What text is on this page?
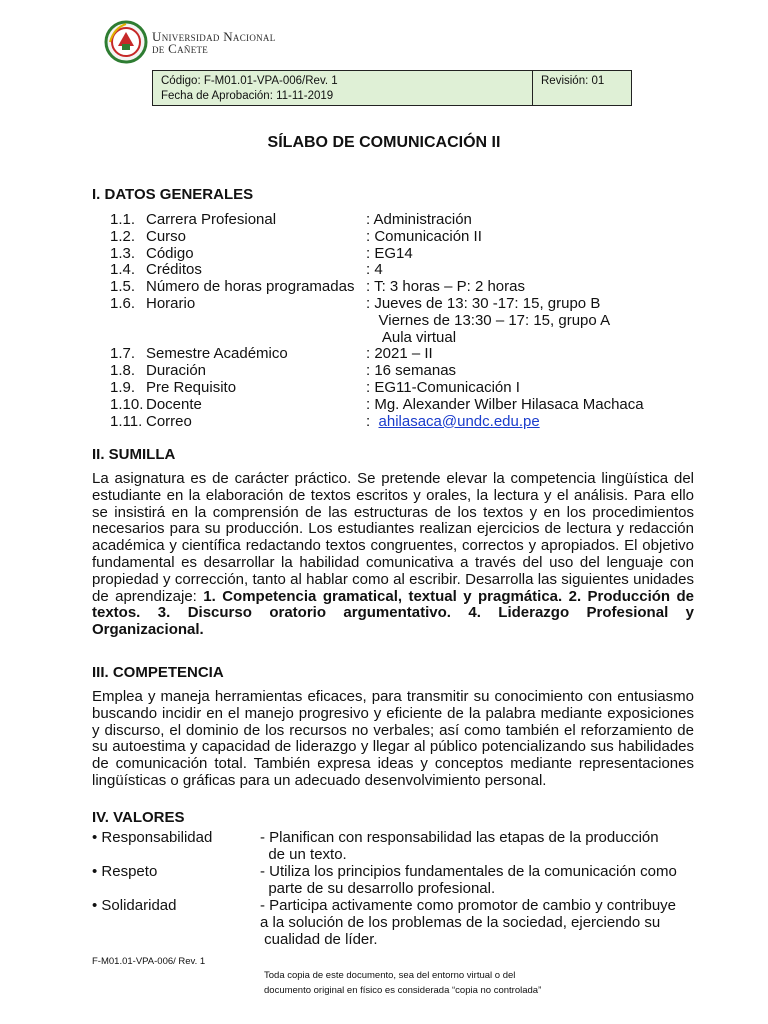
Universidad Nacional
de Cañete
Código: F-M01.01-VPA-006/Rev. 1
Fecha de Aprobación: 11-11-2019
Revisión: 01
SÍLABO DE COMUNICACIÓN II
I. DATOS GENERALES
1.1. Carrera Profesional	: Administración
1.2. Curso	: Comunicación II
1.3. Código	: EG14
1.4. Créditos	: 4
1.5. Número de horas programadas : T: 3 horas – P: 2 horas
1.6. Horario	: Jueves de 13: 30 -17: 15, grupo B
Viernes de 13:30 – 17: 15, grupo A
Aula virtual
1.7. Semestre Académico	: 2021 – II
1.8. Duración	: 16 semanas
1.9. Pre Requisito	: EG11-Comunicación I
1.10. Docente	: Mg. Alexander Wilber Hilasaca Machaca
1.11. Correo	: ahilasaca@undc.edu.pe
II. SUMILLA
La asignatura es de carácter práctico. Se pretende elevar la competencia lingüística del estudiante en la elaboración de textos escritos y orales, la lectura y el análisis. Para ello se insistirá en la comprensión de las estructuras de los textos y en los procedimientos necesarios para su producción. Los estudiantes realizan ejercicios de lectura y redacción académica y científica redactando textos congruentes, correctos y apropiados. El objetivo fundamental es desarrollar la habilidad comunicativa a través del uso del lenguaje con propiedad y corrección, tanto al hablar como al escribir. Desarrolla las siguientes unidades de aprendizaje: 1. Competencia gramatical, textual y pragmática. 2. Producción de textos. 3. Discurso oratorio argumentativo. 4. Liderazgo Profesional y Organizacional.
III. COMPETENCIA
Emplea y maneja herramientas eficaces, para transmitir su conocimiento con entusiasmo buscando incidir en el manejo progresivo y eficiente de la palabra mediante exposiciones y discurso, el dominio de los recursos no verbales; así como también el reforzamiento de su autoestima y capacidad de liderazgo y llegar al público potencializando sus habilidades de comunicación total. También expresa ideas y conceptos mediante representaciones lingüísticas o gráficas para un adecuado desenvolvimiento personal.
IV. VALORES
• Responsabilidad	- Planifican con responsabilidad las etapas de la producción
de un texto.
• Respeto	- Utiliza los principios fundamentales de la comunicación como
parte de su desarrollo profesional.
• Solidaridad	- Participa activamente como promotor de cambio y contribuye
a la solución de los problemas de la sociedad, ejerciendo su
cualidad de líder.
F-M01.01-VPA-006/ Rev. 1
Toda copia de este documento, sea del entorno virtual o del
documento original en físico es considerada “copia no controlada”
